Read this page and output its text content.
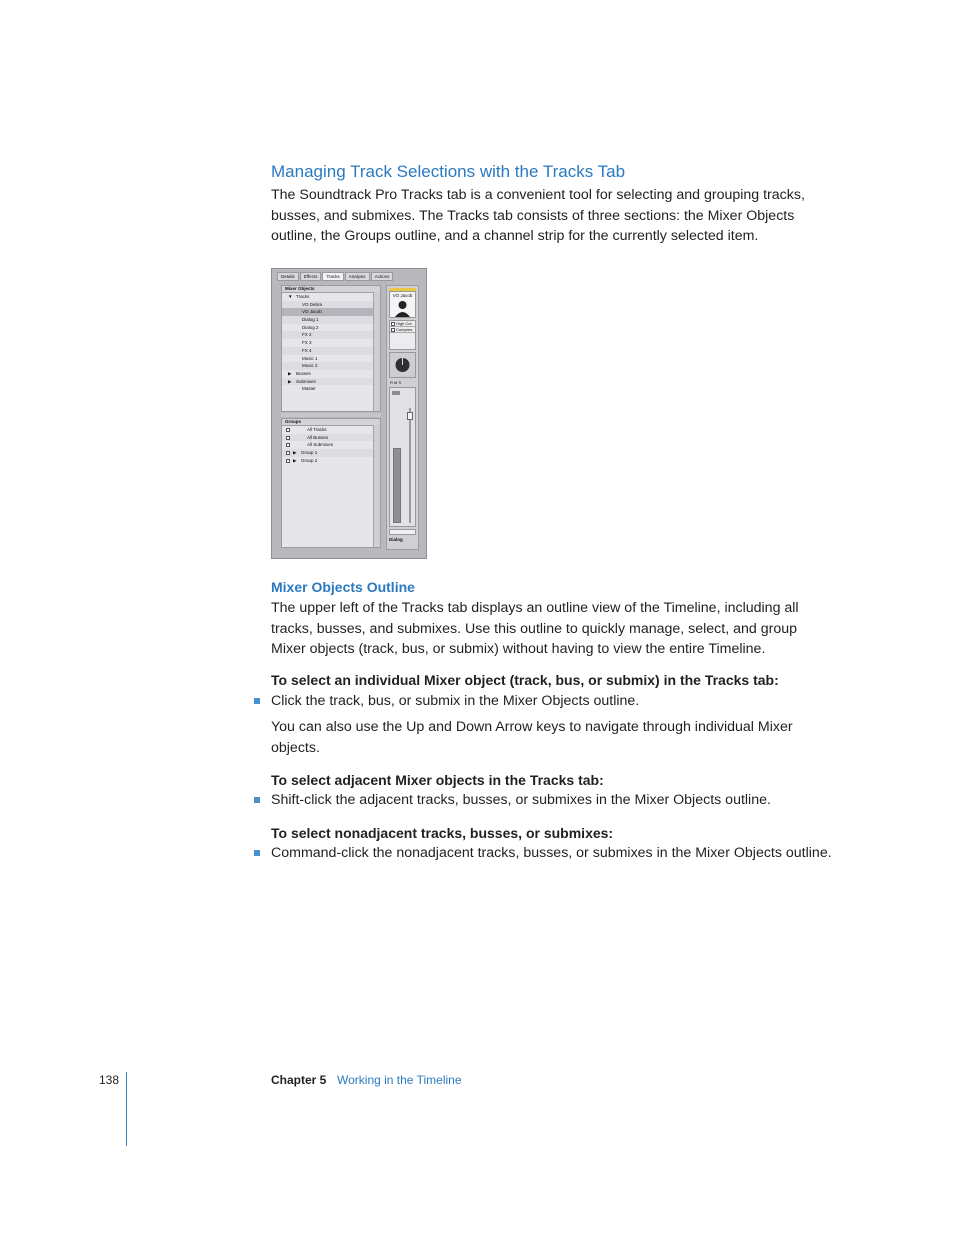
Managing Track Selections with the Tracks Tab
The Soundtrack Pro Tracks tab is a convenient tool for selecting and grouping tracks, busses, and submixes. The Tracks tab consists of three sections: the Mixer Objects outline, the Groups outline, and a channel strip for the currently selected item.
Details	Effects	Tracks	Analysis	Actions
Mixer Objects
▼ Tracks
VO Debra
VO Jacob
Dialog 1
Dialog 2
FX 2
FX 3
FX 4
Music 1
Music 2
▶ Busses
▶ Submixes
Master
Groups
All Tracks
All Busses
All Submixes
▶ Group 1
▶ Group 2
VO Jacob
High Cut
Compres
R M S
Dialog
Mixer Objects Outline
The upper left of the Tracks tab displays an outline view of the Timeline, including all tracks, busses, and submixes. Use this outline to quickly manage, select, and group Mixer objects (track, bus, or submix) without having to view the entire Timeline.
To select an individual Mixer object (track, bus, or submix) in the Tracks tab:
Click the track, bus, or submix in the Mixer Objects outline.
You can also use the Up and Down Arrow keys to navigate through individual Mixer objects.
To select adjacent Mixer objects in the Tracks tab:
Shift-click the adjacent tracks, busses, or submixes in the Mixer Objects outline.
To select nonadjacent tracks, busses, or submixes:
Command-click the nonadjacent tracks, busses, or submixes in the Mixer Objects outline.
138	Chapter 5 Working in the Timeline
